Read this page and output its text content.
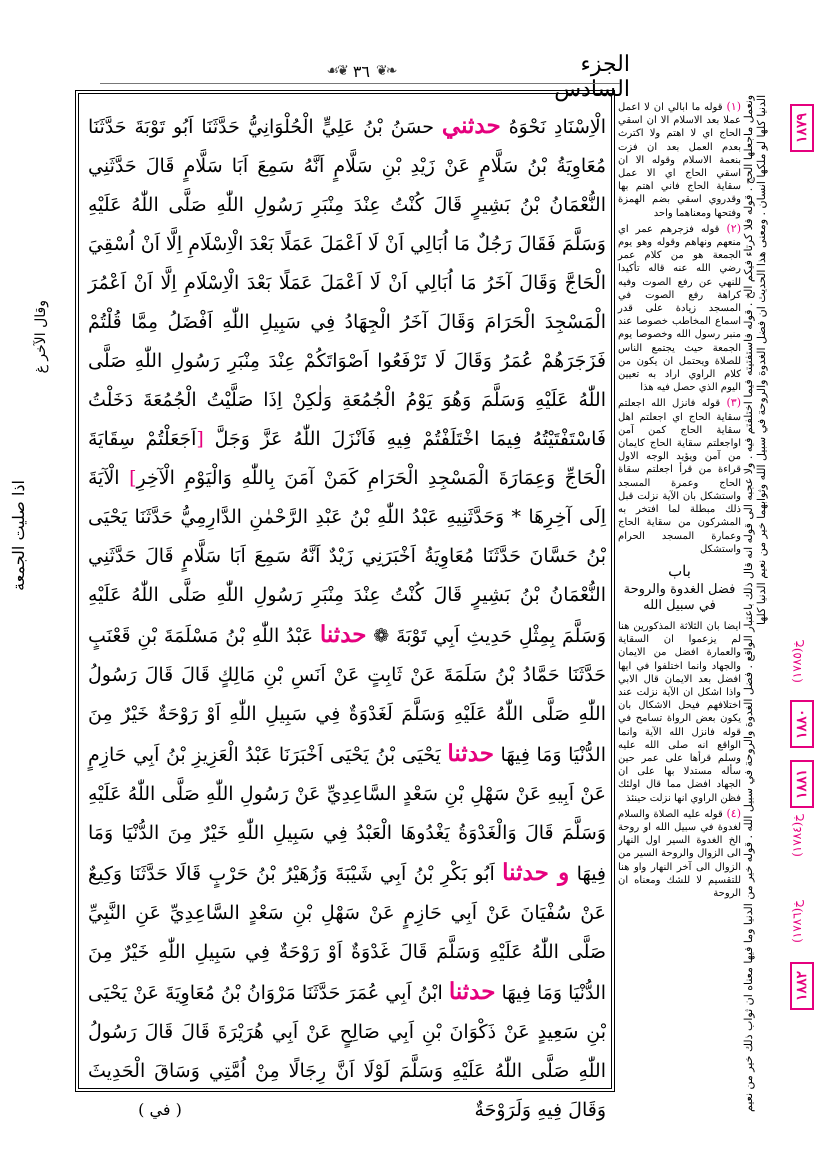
الجزء السادس
❧❦
٣٦
❦☙
الْاِسْنَادِ نَحْوَهُ حدثني حسَنُ بْنُ عَلِيٍّ الْحُلْوَانِيُّ حَدَّثَنَا اَبُو تَوْبَةَ حَدَّثَنَا مُعَاوِيَةُ بْنُ سَلَّامٍ عَنْ زَيْدِ بْنِ سَلَّامٍ اَنَّهُ سَمِعَ اَبَا سَلَّامٍ قَالَ حَدَّثَنِي النُّعْمَانُ بْنُ بَشِيرٍ قَالَ كُنْتُ عِنْدَ مِنْبَرِ رَسُولِ اللّٰهِ صَلَّى اللّٰهُ عَلَيْهِ وَسَلَّمَ فَقَالَ رَجُلٌ مَا اُبَالِي اَنْ لَا اَعْمَلَ عَمَلًا بَعْدَ الْاِسْلَامِ اِلَّا اَنْ اُسْقِيَ الْحَاجَّ وَقَالَ آخَرُ مَا اُبَالِي اَنْ لَا اَعْمَلَ عَمَلًا بَعْدَ الْاِسْلَامِ اِلَّا اَنْ اَعْمُرَ الْمَسْجِدَ الْحَرَامَ وَقَالَ آخَرُ الْجِهَادُ فِي سَبِيلِ اللّٰهِ اَفْضَلُ مِمَّا قُلْتُمْ فَزَجَرَهُمْ عُمَرُ وَقَالَ لَا تَرْفَعُوا اَصْوَاتَكُمْ عِنْدَ مِنْبَرِ رَسُولِ اللّٰهِ صَلَّى اللّٰهُ عَلَيْهِ وَسَلَّمَ وَهُوَ يَوْمُ الْجُمُعَةِ وَلٰكِنْ اِذَا صَلَّيْتُ الْجُمُعَةَ دَخَلْتُ فَاسْتَفْتَيْتُهُ فِيمَا اخْتَلَفْتُمْ فِيهِ فَاَنْزَلَ اللّٰهُ عَزَّ وَجَلَّ [اَجَعَلْتُمْ سِقَايَةَ الْحَاجِّ وَعِمَارَةَ الْمَسْجِدِ الْحَرَامِ كَمَنْ آمَنَ بِاللّٰهِ وَالْيَوْمِ الْآخِرِ] الْآيَةَ اِلَى آخِرِهَا * وَحَدَّثَنِيهِ عَبْدُ اللّٰهِ بْنُ عَبْدِ الرَّحْمٰنِ الدَّارِمِيُّ حَدَّثَنَا يَحْيَى بْنُ حَسَّانَ حَدَّثَنَا مُعَاوِيَةُ اَخْبَرَنِي زَيْدٌ اَنَّهُ سَمِعَ اَبَا سَلَّامٍ قَالَ حَدَّثَنِي النُّعْمَانُ بْنُ بَشِيرٍ قَالَ كُنْتُ عِنْدَ مِنْبَرِ رَسُولِ اللّٰهِ صَلَّى اللّٰهُ عَلَيْهِ وَسَلَّمَ بِمِثْلِ حَدِيثِ اَبِي تَوْبَةَ ❁ حدثنا عَبْدُ اللّٰهِ بْنُ مَسْلَمَةَ بْنِ قَعْنَبٍ حَدَّثَنَا حَمَّادُ بْنُ سَلَمَةَ عَنْ ثَابِتٍ عَنْ اَنَسِ بْنِ مَالِكٍ قَالَ قَالَ رَسُولُ اللّٰهِ صَلَّى اللّٰهُ عَلَيْهِ وَسَلَّمَ لَغَدْوَةٌ فِي سَبِيلِ اللّٰهِ اَوْ رَوْحَةٌ خَيْرٌ مِنَ الدُّنْيَا وَمَا فِيهَا حدثنا يَحْيَى بْنُ يَحْيَى اَخْبَرَنَا عَبْدُ الْعَزِيزِ بْنُ اَبِي حَازِمٍ عَنْ اَبِيهِ عَنْ سَهْلِ بْنِ سَعْدٍ السَّاعِدِيِّ عَنْ رَسُولِ اللّٰهِ صَلَّى اللّٰهُ عَلَيْهِ وَسَلَّمَ قَالَ وَالْغَدْوَةُ يَغْدُوهَا الْعَبْدُ فِي سَبِيلِ اللّٰهِ خَيْرٌ مِنَ الدُّنْيَا وَمَا فِيهَا و حدثنا اَبُو بَكْرِ بْنُ اَبِي شَيْبَةَ وَزُهَيْرُ بْنُ حَرْبٍ قَالَا حَدَّثَنَا وَكِيعٌ عَنْ سُفْيَانَ عَنْ اَبِي حَازِمٍ عَنْ سَهْلِ بْنِ سَعْدٍ السَّاعِدِيِّ عَنِ النَّبِيِّ صَلَّى اللّٰهُ عَلَيْهِ وَسَلَّمَ قَالَ غَدْوَةٌ اَوْ رَوْحَةٌ فِي سَبِيلِ اللّٰهِ خَيْرٌ مِنَ الدُّنْيَا وَمَا فِيهَا حدثنا ابْنُ اَبِي عُمَرَ حَدَّثَنَا مَرْوَانُ بْنُ مُعَاوِيَةَ عَنْ يَحْيَى بْنِ سَعِيدٍ عَنْ ذَكْوَانَ بْنِ اَبِي صَالِحٍ عَنْ اَبِي هُرَيْرَةَ قَالَ قَالَ رَسُولُ اللّٰهِ صَلَّى اللّٰهُ عَلَيْهِ وَسَلَّمَ لَوْلَا اَنَّ رِجَالًا مِنْ اُمَّتِي وَسَاقَ الْحَدِيثَ وَقَالَ فِيهِ وَلَرَوْحَةٌ
وقال الآخر غ
اذا صليت الجمعة
(١) قوله ما ابالي ان لا اعمل عملا بعد الاسلام الا ان اسقي الحاج اي لا اهتم ولا اكترث بعدم العمل بعد ان فزت بنعمة الاسلام وقوله الا ان اسقي الحاج اي الا عمل سقاية الحاج فاني اهتم بها وقدروي اسقي بضم الهمزة وفتحها ومعناهما واحد
(٢) قوله فزجرهم عمر اي منعهم ونهاهم وقوله وهو يوم الجمعة هو من كلام عمر رضي الله عنه قاله تأكيدا للنهي عن رفع الصوت وفيه كراهة رفع الصوت في المسجد زيادة على قدر اسماع المخاطب خصوصا عند منبر رسول الله وخصوصا يوم الجمعة حيث يجتمع الناس للصلاة ويحتمل ان يكون من كلام الراوي اراد به تعيين اليوم الذي حصل فيه هذا
(٣) قوله فانزل الله اجعلتم سقاية الحاج اي اجعلتم اهل سقاية الحاج كمن آمن اواجعلتم سقاية الحاج كايمان من آمن ويؤيد الوجه الاول قراءة من قرأ اجعلتم سقاة الحاج وعمرة المسجد واستشكل بان الآية نزلت قبل ذلك مبطلة لما افتخر به المشركون من سقاية الحاج وعمارة المسجد الحرام واستشكل
باب
فضل الغدوة والروحة في سبيل الله
ايضا بان الثلاثة المذكورين هنا لم يزعموا ان السقاية والعمارة افضل من الايمان والجهاد وانما اختلفوا في ايها افضل بعد الايمان قال الابي واذا اشكل ان الآية نزلت عند اختلافهم فيحل الاشكال بان يكون بعض الرواة تسامح في قوله فانزل الله الآية وانما الواقع انه صلى الله عليه وسلم قرأها على عمر حين سأله مستدلا بها على ان الجهاد افضل مما قال اولئك فظن الراوي انها نزلت حينئذ
(٤) قوله عليه الصلاة والسلام لغدوة في سبيل الله او روحة الخ الغدوة السير اول النهار الى الزوال والروحة السير من الزوال الى آخر النهار واو هنا للتقسيم لا للشك ومعناه ان الروحة ونعمل ماجعلها الحج . قوله فلا كرتاء فيكم الخ . قوله فاستفتيته فيما اختلفتم فيه . ولا عجبه الى قوله انه قال ذلك باعتبار الواقع . فضل الغدوة والروحة في سبيل الله . قوله خير من الدنيا وما فيها معناه ان ثواب ذلك خير من نعيم الدنيا كلها لو ملكها انسان . ومعنى هذا الحديث ان فضل الغدوة والروحة في سبيل الله وثوابهما خير من نعيم الدنيا كلها ١٨٧٩
خ(١٧٨٥)
١٨٨٠
١٨٨١
خ(١٧٨٤)
خ(١٧٨٦)
١٨٨٢
( في )
